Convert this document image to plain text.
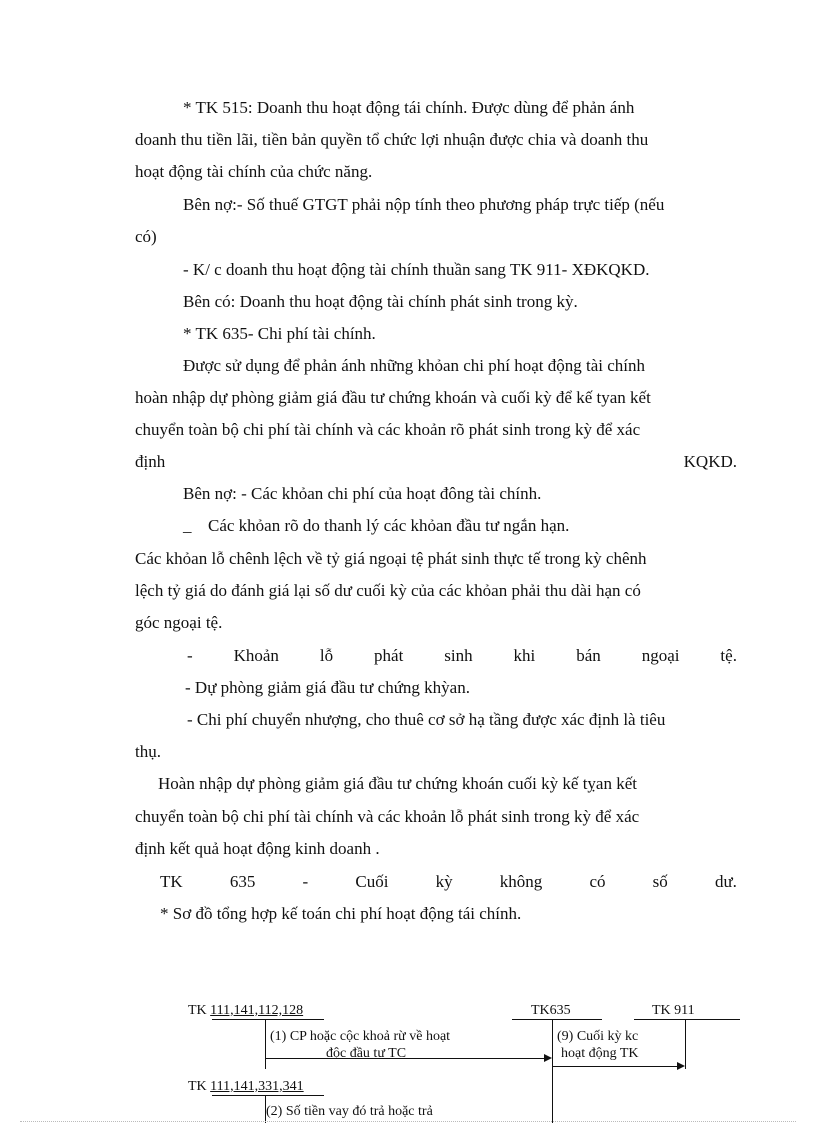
* TK 515: Doanh thu hoạt động tái chính. Được dùng để phản ánh
doanh thu tiền lãi, tiền bản quyền tổ chức lợi nhuận được chia và doanh thu
hoạt động tài chính của chức năng.
Bên nợ:- Số thuế GTGT phải nộp tính theo phương pháp trực tiếp (nếu
có)
- K/ c doanh thu hoạt động tài chính thuần sang TK 911- XĐKQKD.
Bên có: Doanh thu hoạt động tài chính phát sinh trong kỳ.
* TK 635- Chi phí tài chính.
Được sử dụng để phản ánh những khỏan chi phí hoạt động tài chính
hoàn nhập dự phòng giảm giá đầu tư chứng khoán và cuối kỳ để kế tyan kết
chuyển toàn bộ chi phí tài chính và các khoản rõ phát sinh trong kỳ để xác
định	KQKD.
Bên nợ: - Các khỏan chi phí của hoạt đông tài chính.
_ Các khỏan rõ do thanh lý các khỏan đầu tư ngắn hạn.
Các khỏan lỗ chênh lệch về tỷ giá ngoại tệ phát sinh thực tế trong kỳ chênh
lệch tỷ giá do đánh giá lại số dư cuối kỳ của các khỏan phải thu dài hạn có
góc ngoại tệ.
- Khoản lỗ phát sinh khi bán ngoại tệ.
- Dự phòng giảm giá đầu tư chứng khỳan.
- Chi phí chuyển nhượng, cho thuê cơ sở hạ tầng được xác định là tiêu
thụ.
Hoàn nhập dự phòng giảm giá đầu tư chứng khoán cuối kỳ kế tỵan kết
chuyển toàn bộ chi phí tài chính và các khoản lỗ phát sinh trong kỳ để xác
định kết quả hoạt động kinh doanh .
TK	635	-	Cuối	kỳ	không	có	số	dư.
* Sơ đồ tổng hợp kế toán chi phí hoạt động tái chính.
TK 111,141,112,128	TK635	TK 911
(1) CP hoặc cộc khoả rừ về hoạt
độc đầu tư TC
(9) Cuối kỳ kc
hoạt động TK
TK 111,141,331,341
(2) Số tiền vay đó trả hoặc trả
